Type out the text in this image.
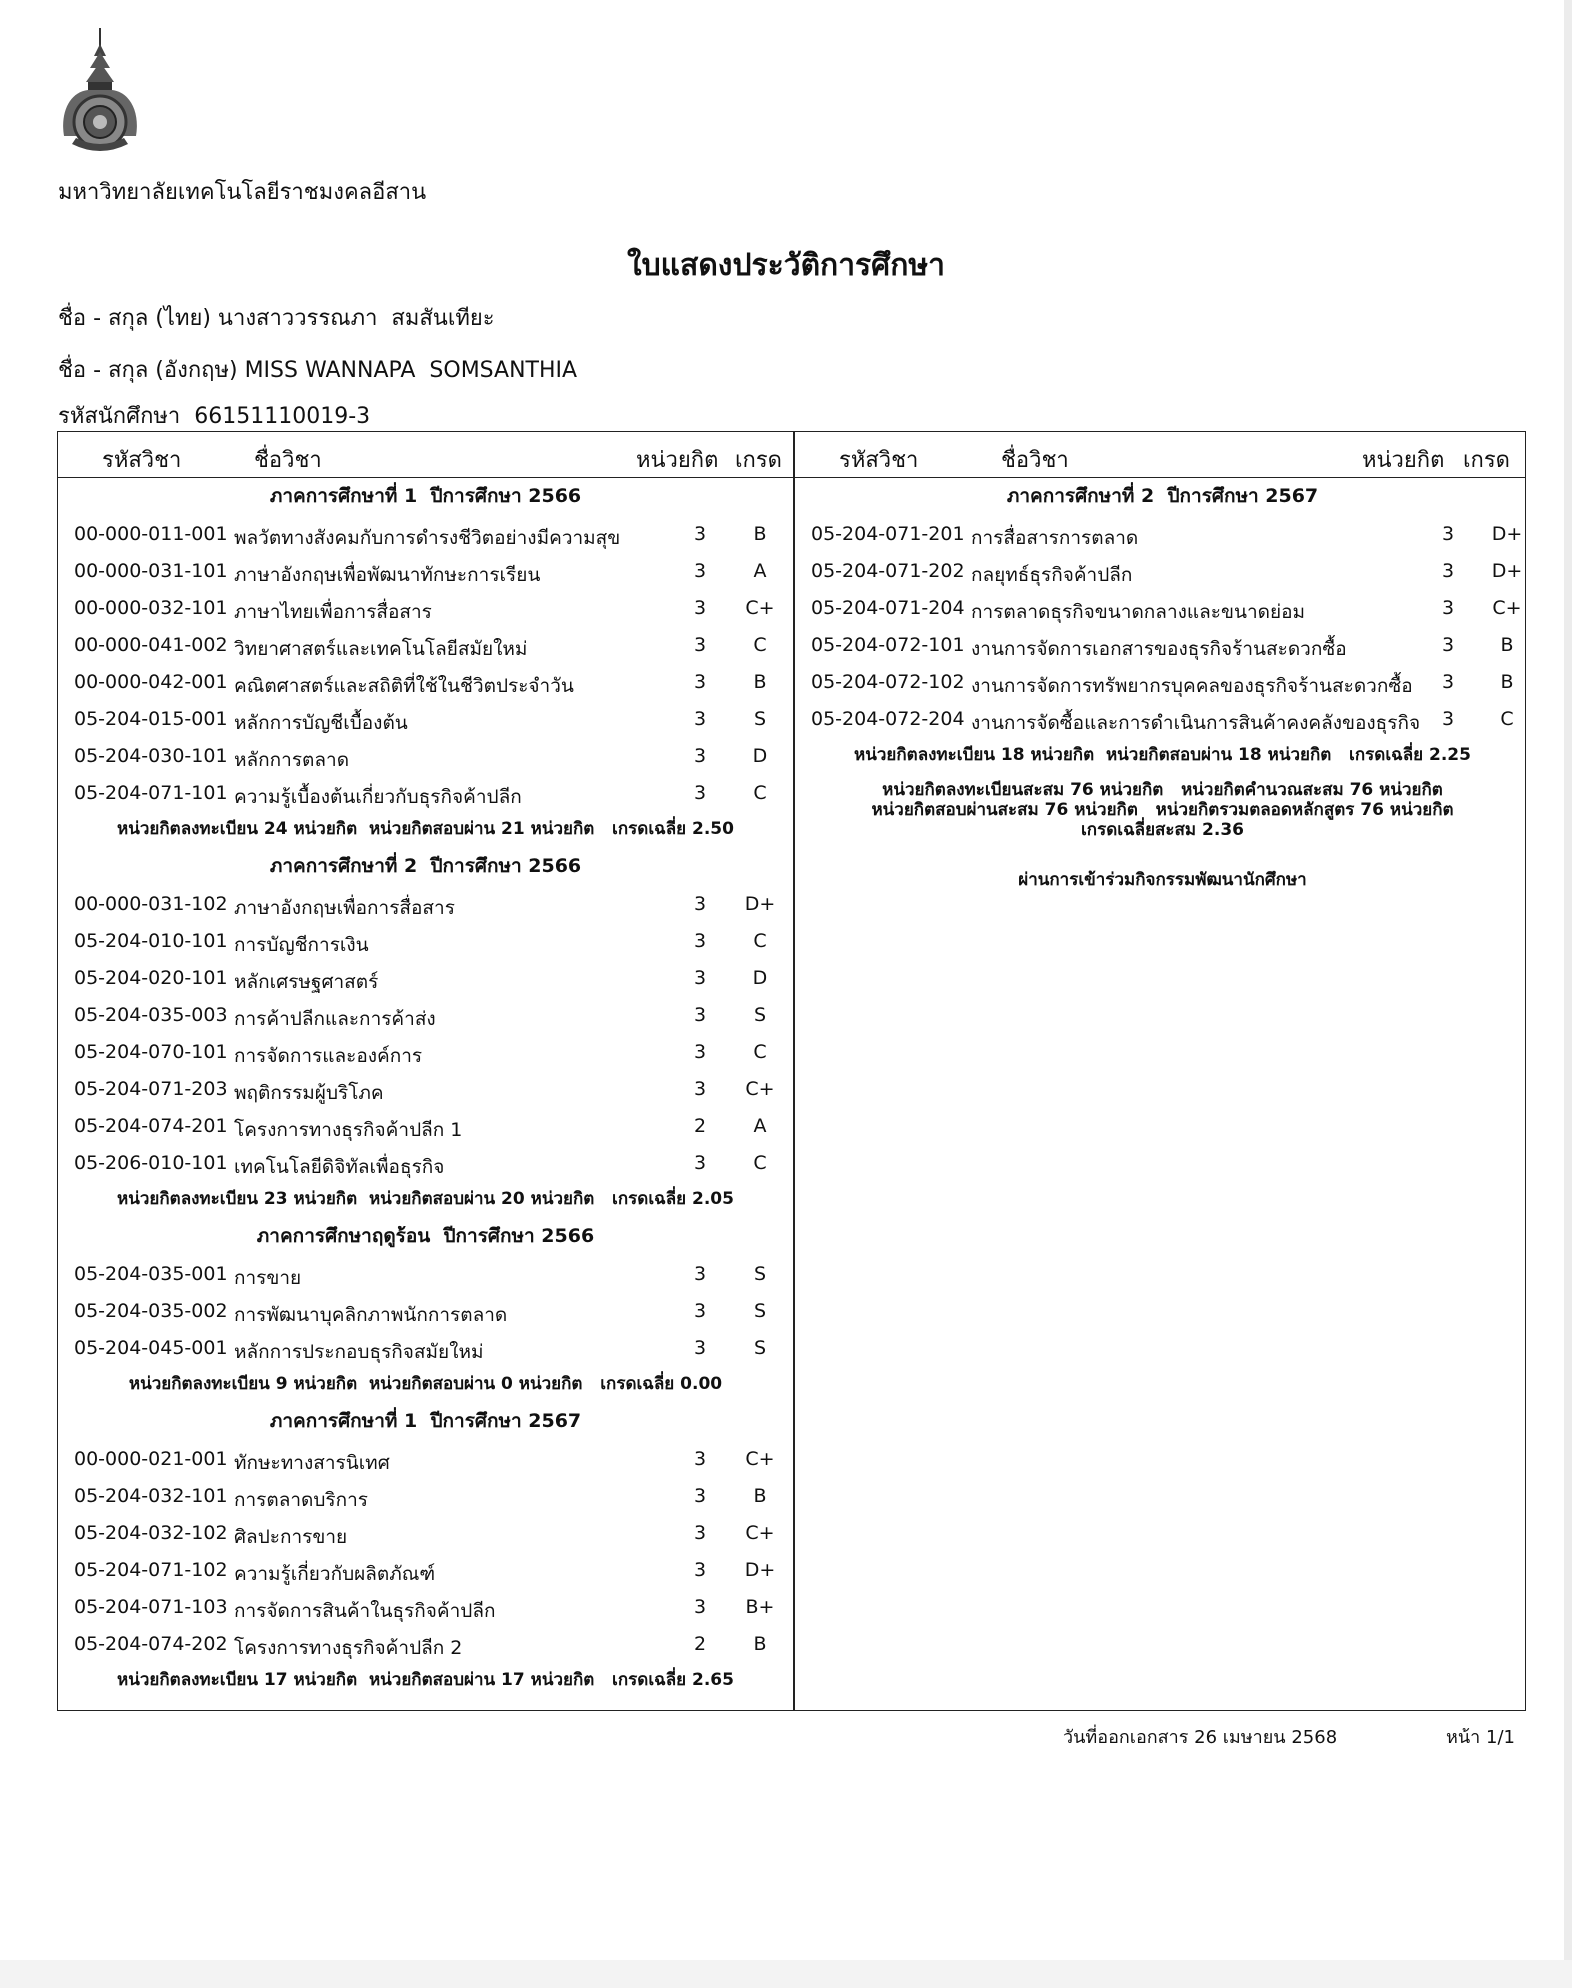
มหาวิทยาลัยเทคโนโลยีราชมงคลอีสาน
ใบแสดงประวัติการศึกษา
ชื่อ - สกุล (ไทย) นางสาววรรณภา  สมสันเทียะ
ชื่อ - สกุล (อังกฤษ) MISS WANNAPA  SOMSANTHIA
รหัสนักศึกษา 66151110019-3
รหัสวิชา	ชื่อวิชา	หน่วยกิต เกรด	รหัสวิชา	ชื่อวิชา	หน่วยกิต เกรด
ภาคการศึกษาที่ 1  ปีการศึกษา 2566
00-000-011-001 พลวัตทางสังคมกับการดำรงชีวิตอย่างมีความสุข	3	B
00-000-031-101 ภาษาอังกฤษเพื่อพัฒนาทักษะการเรียน	3	A
00-000-032-101 ภาษาไทยเพื่อการสื่อสาร	3 C+
00-000-041-002 วิทยาศาสตร์และเทคโนโลยีสมัยใหม่	3	C
00-000-042-001 คณิตศาสตร์และสถิติที่ใช้ในชีวิตประจำวัน	3	B
05-204-015-001 หลักการบัญชีเบื้องต้น	3	S
05-204-030-101 หลักการตลาด	3	D
05-204-071-101 ความรู้เบื้องต้นเกี่ยวกับธุรกิจค้าปลีก	3	C
หน่วยกิตลงทะเบียน 24 หน่วยกิต  หน่วยกิตสอบผ่าน 21 หน่วยกิต   เกรดเฉลี่ย 2.50
ภาคการศึกษาที่ 2  ปีการศึกษา 2566
00-000-031-102 ภาษาอังกฤษเพื่อการสื่อสาร	3 D+
05-204-010-101 การบัญชีการเงิน	3	C
05-204-020-101 หลักเศรษฐศาสตร์	3	D
05-204-035-003 การค้าปลีกและการค้าส่ง	3	S
05-204-070-101 การจัดการและองค์การ	3	C
05-204-071-203 พฤติกรรมผู้บริโภค	3 C+
05-204-074-201 โครงการทางธุรกิจค้าปลีก 1	2	A
05-206-010-101 เทคโนโลยีดิจิทัลเพื่อธุรกิจ	3	C
หน่วยกิตลงทะเบียน 23 หน่วยกิต  หน่วยกิตสอบผ่าน 20 หน่วยกิต   เกรดเฉลี่ย 2.05
ภาคการศึกษาฤดูร้อน  ปีการศึกษา 2566
05-204-035-001 การขาย	3	S
05-204-035-002 การพัฒนาบุคลิกภาพนักการตลาด	3	S
05-204-045-001 หลักการประกอบธุรกิจสมัยใหม่	3	S
หน่วยกิตลงทะเบียน 9 หน่วยกิต  หน่วยกิตสอบผ่าน 0 หน่วยกิต   เกรดเฉลี่ย 0.00
ภาคการศึกษาที่ 1  ปีการศึกษา 2567
00-000-021-001 ทักษะทางสารนิเทศ	3 C+
05-204-032-101 การตลาดบริการ	3	B
05-204-032-102 ศิลปะการขาย	3 C+
05-204-071-102 ความรู้เกี่ยวกับผลิตภัณฑ์	3 D+
05-204-071-103 การจัดการสินค้าในธุรกิจค้าปลีก	3 B+
05-204-074-202 โครงการทางธุรกิจค้าปลีก 2	2	B
หน่วยกิตลงทะเบียน 17 หน่วยกิต  หน่วยกิตสอบผ่าน 17 หน่วยกิต   เกรดเฉลี่ย 2.65
ภาคการศึกษาที่ 2  ปีการศึกษา 2567
05-204-071-201 การสื่อสารการตลาด	3 D+
05-204-071-202 กลยุทธ์ธุรกิจค้าปลีก	3 D+
05-204-071-204 การตลาดธุรกิจขนาดกลางและขนาดย่อม	3 C+
05-204-072-101 งานการจัดการเอกสารของธุรกิจร้านสะดวกซื้อ	3	B
05-204-072-102 งานการจัดการทรัพยากรบุคคลของธุรกิจร้านสะดวกซื้อ	3	B
05-204-072-204 งานการจัดซื้อและการดำเนินการสินค้าคงคลังของธุรกิจ	3	C
หน่วยกิตลงทะเบียน 18 หน่วยกิต  หน่วยกิตสอบผ่าน 18 หน่วยกิต   เกรดเฉลี่ย 2.25
หน่วยกิตลงทะเบียนสะสม 76 หน่วยกิต   หน่วยกิตคำนวณสะสม 76 หน่วยกิต
หน่วยกิตสอบผ่านสะสม 76 หน่วยกิต   หน่วยกิตรวมตลอดหลักสูตร 76 หน่วยกิต
เกรดเฉลี่ยสะสม 2.36
ผ่านการเข้าร่วมกิจกรรมพัฒนานักศึกษา
วันที่ออกเอกสาร 26 เมษายน 2568	หน้า 1/1
